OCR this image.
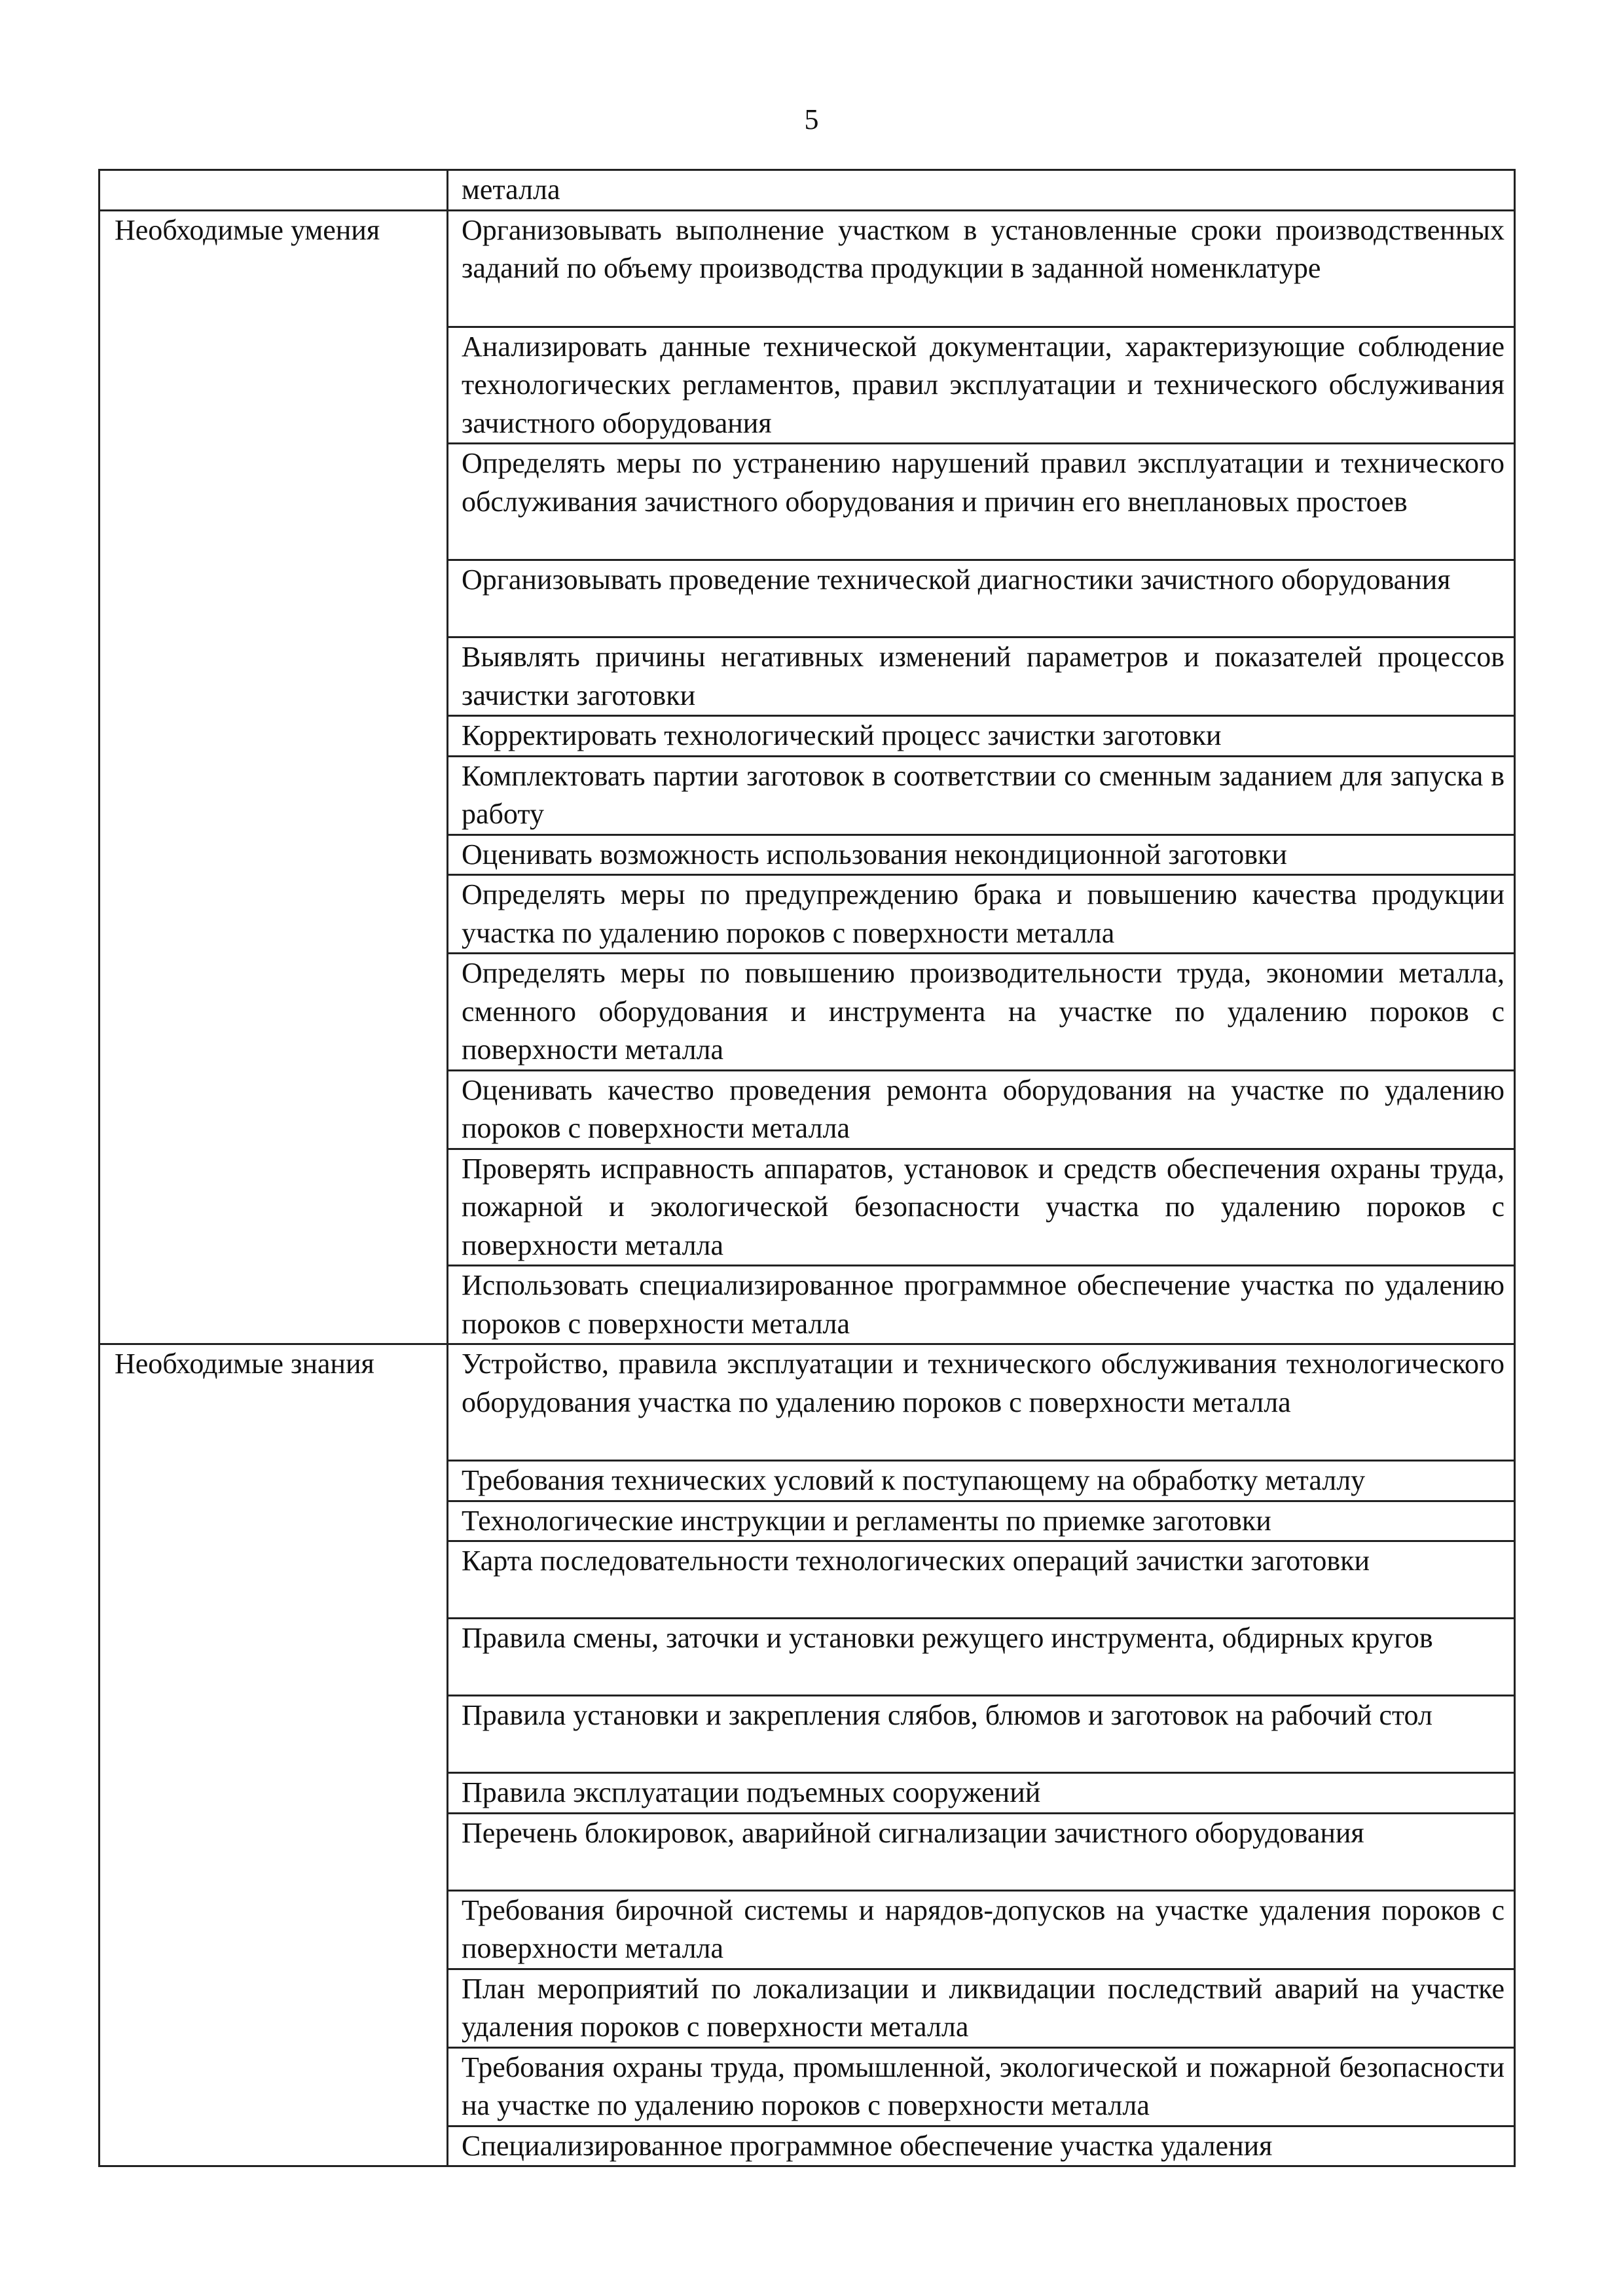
5
	металла
Необходимые умения	Организовывать выполнение участком в установленные сроки производственных заданий по объему производства продукции в заданной номенклатуре
	Анализировать данные технической документации, характеризующие соблюдение технологических регламентов, правил эксплуатации и технического обслуживания зачистного оборудования
	Определять меры по устранению нарушений правил эксплуатации и технического обслуживания зачистного оборудования и причин его внеплановых простоев
	Организовывать проведение технической диагностики зачистного оборудования
	Выявлять причины негативных изменений параметров и показателей процессов зачистки заготовки
	Корректировать технологический процесс зачистки заготовки
	Комплектовать партии заготовок в соответствии со сменным заданием для запуска в работу
	Оценивать возможность использования некондиционной заготовки
	Определять меры по предупреждению брака и повышению качества продукции участка по удалению пороков с поверхности металла
	Определять меры по повышению производительности труда, экономии металла, сменного оборудования и инструмента на участке по удалению пороков с поверхности металла
	Оценивать качество проведения ремонта оборудования на участке по удалению пороков с поверхности металла
	Проверять исправность аппаратов, установок и средств обеспечения охраны труда, пожарной и экологической безопасности участка по удалению пороков с поверхности металла
	Использовать специализированное программное обеспечение участка по удалению пороков с поверхности металла
Необходимые знания	Устройство, правила эксплуатации и технического обслуживания технологического оборудования участка по удалению пороков с поверхности металла
	Требования технических условий к поступающему на обработку металлу
	Технологические инструкции и регламенты по приемке заготовки
	Карта последовательности технологических операций зачистки заготовки
	Правила смены, заточки и установки режущего инструмента, обдирных кругов
	Правила установки и закрепления слябов, блюмов и заготовок на рабочий стол
	Правила эксплуатации подъемных сооружений
	Перечень блокировок, аварийной сигнализации зачистного оборудования
	Требования бирочной системы и нарядов-допусков на участке удаления пороков с поверхности металла
	План мероприятий по локализации и ликвидации последствий аварий на участке удаления пороков с поверхности металла
	Требования охраны труда, промышленной, экологической и пожарной безопасности на участке по удалению пороков с поверхности металла
	Специализированное программное обеспечение участка удаления
